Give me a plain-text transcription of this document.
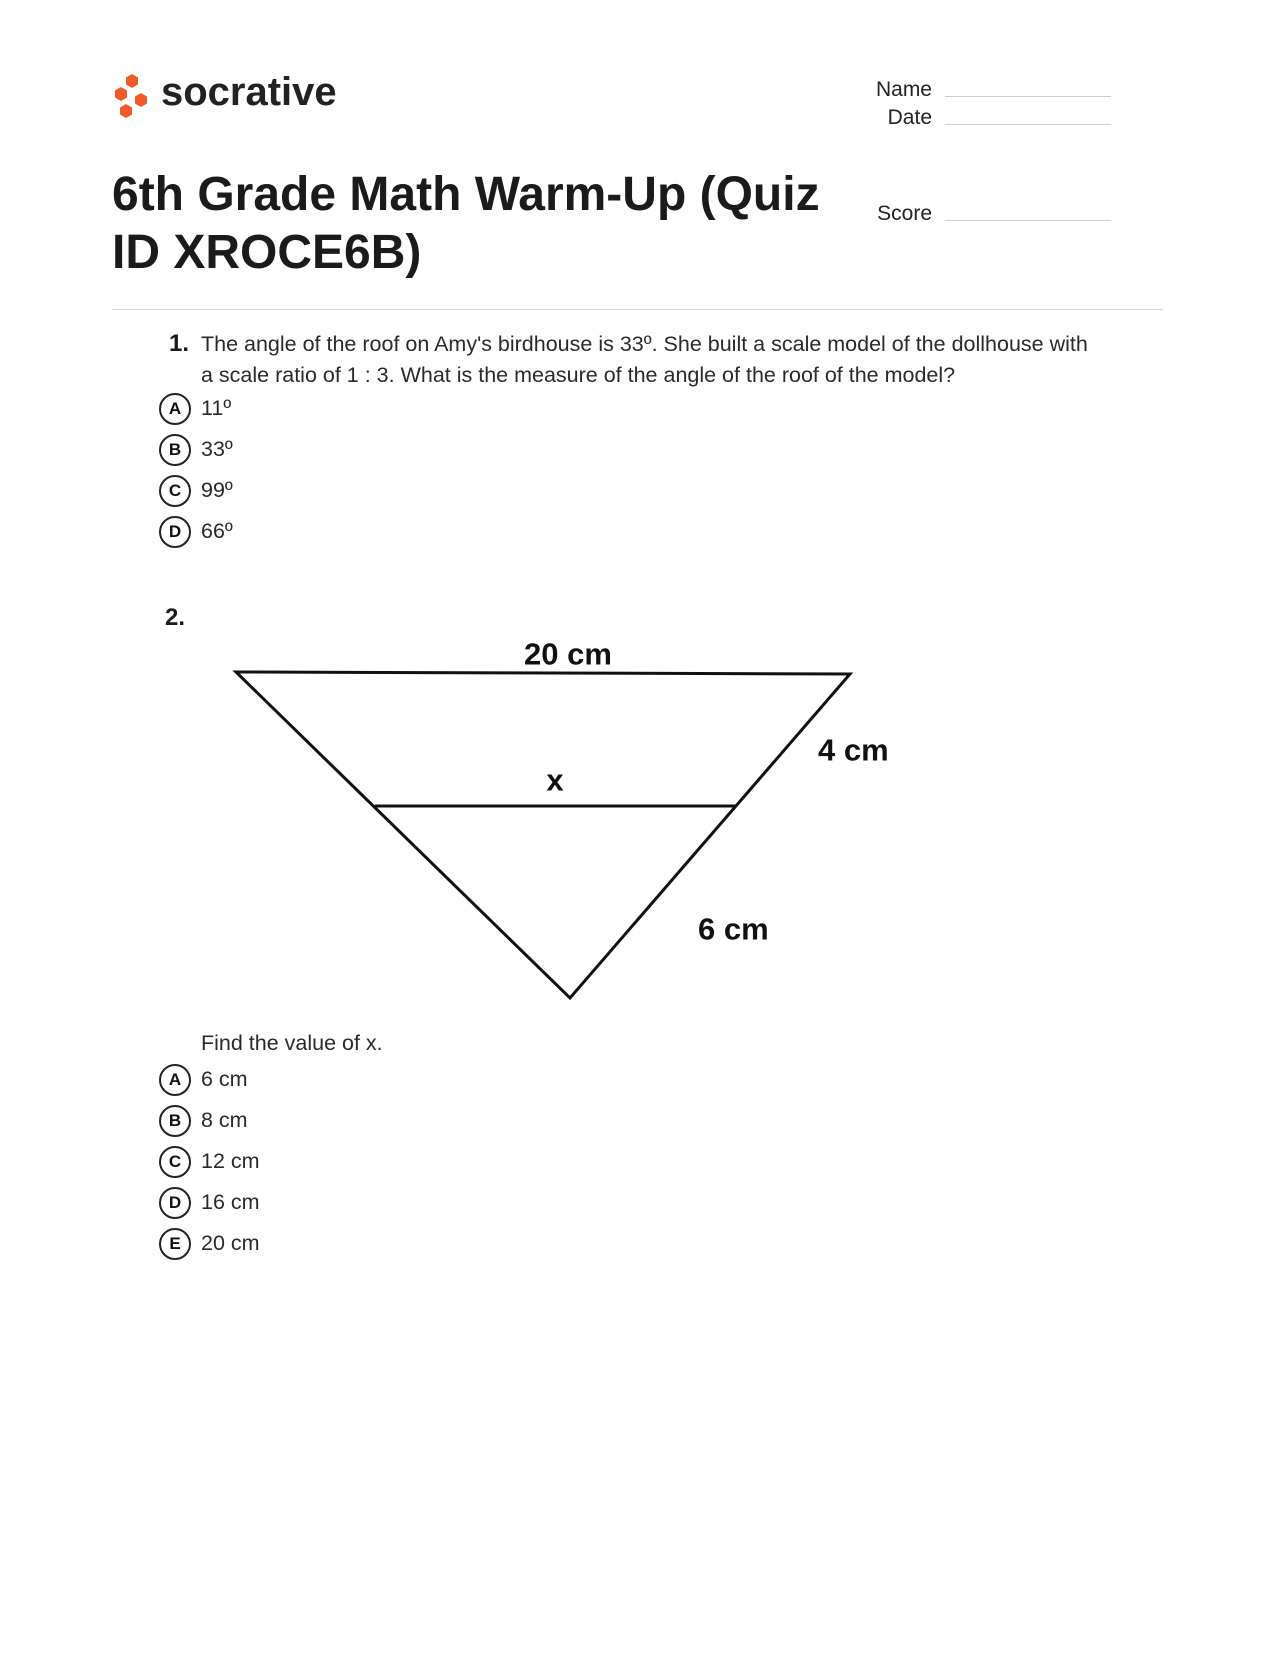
socrative	Name
Date
Score
6th Grade Math Warm-Up (Quiz ID XROCE6B)
1. The angle of the roof on Amy's birdhouse is 33º. She built a scale model of the dollhouse with a scale ratio of 1 : 3. What is the measure of the angle of the roof of the model?
A 11º
B 33º
C 99º
D 66º
2.
20 cm
x
4 cm
6 cm
Find the value of x.
A 6 cm
B 8 cm
C 12 cm
D 16 cm
E 20 cm
